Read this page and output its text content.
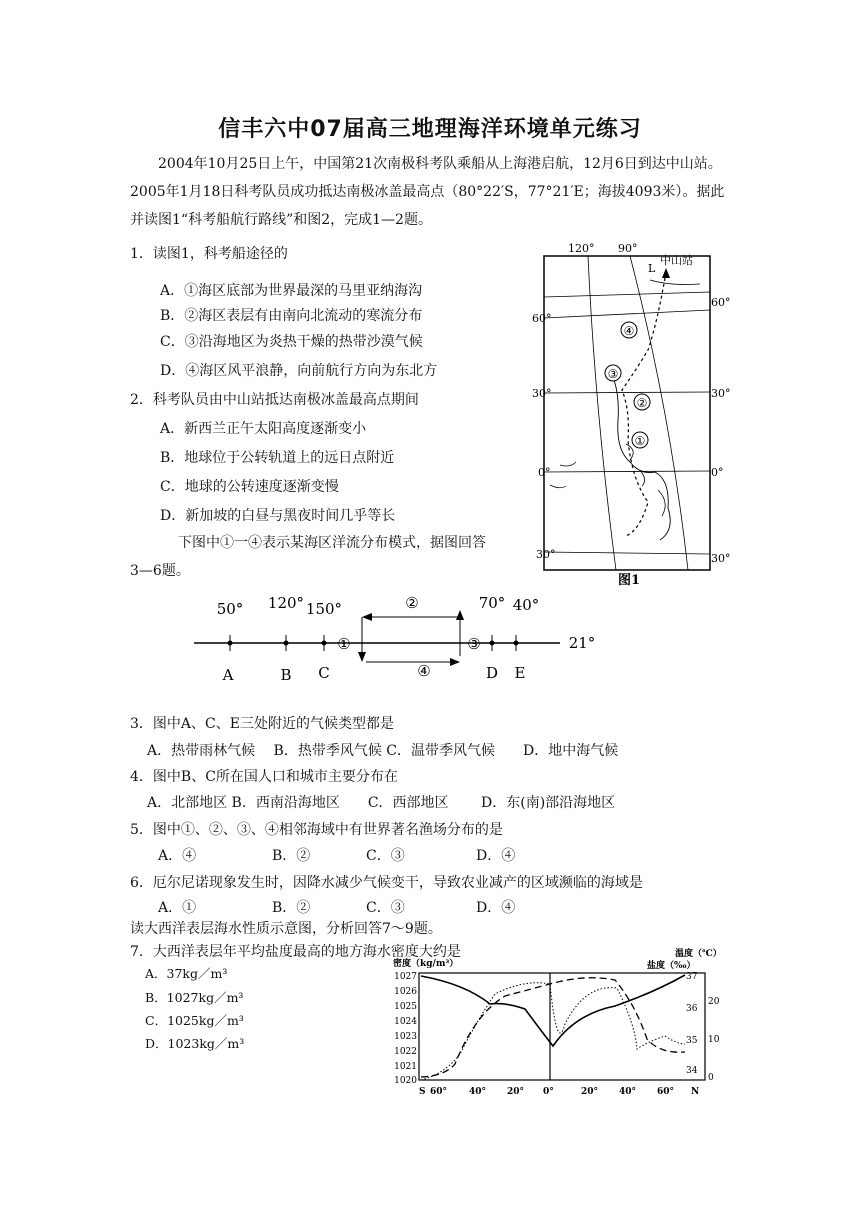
信丰六中07届高三地理海洋环境单元练习
2004年10月25日上午，中国第21次南极科考队乘船从上海港启航，12月6日到达中山站。2005年1月18日科考队员成功抵达南极冰盖最高点（80°22′S，77°21′E；海拔4093米）。据此并读图1“科考船航行路线”和图2，完成1—2题。
1．读图1，科考船途径的
A．①海区底部为世界最深的马里亚纳海沟
B．②海区表层有由南向北流动的寒流分布
C．③沿海地区为炎热干燥的热带沙漠气候
D．④海区风平浪静，向前航行方向为东北方
2．科考队员由中山站抵达南极冰盖最高点期间
A．新西兰正午太阳高度逐渐变小
B．地球位于公转轨道上的远日点附近
C．地球的公转速度逐渐变慢
D．新加坡的白昼与黑夜时间几乎等长
下图中①一④表示某海区洋流分布模式，据图回答
3—6题。
④
③
②
①
L
中山站
120° 90°
60°
60°
30°	30°
0°	0°
30°	30°
图1
50° 120° 150°	②	70° 40°
21°
①	③
④
A	B C	D E
3．图中A、C、E三处附近的气候类型都是
A．热带雨林气候　 B．热带季风气候 C．温带季风气候　　D．地中海气候
4．图中B、C所在国人口和城市主要分布在
A．北部地区 B．西南沿海地区　　C．西部地区　　 D．东(南)部沿海地区
5．图中①、②、③、④相邻海域中有世界著名渔场分布的是
A．④	B．②	C．③	D．④
6．厄尔尼诺现象发生时，因降水减少气候变干，导致农业减产的区域濒临的海域是
A．①	B．②	C．③	D．④
读大西洋表层海水性质示意图，分析回答7～9题。
7．大西洋表层年平均盐度最高的地方海水密度大约是
A．37kg／m³
B．1027kg／m³
C．1025kg／m³
D．1023kg／m³
密度（kg/m³）
温度（℃）
盐度（‰）
1027
1026
1025
1024
1023
1022
1021
1020
37
36
35
34
20
10
0
S 60° 40° 20° 0°	20° 40° 60° N
